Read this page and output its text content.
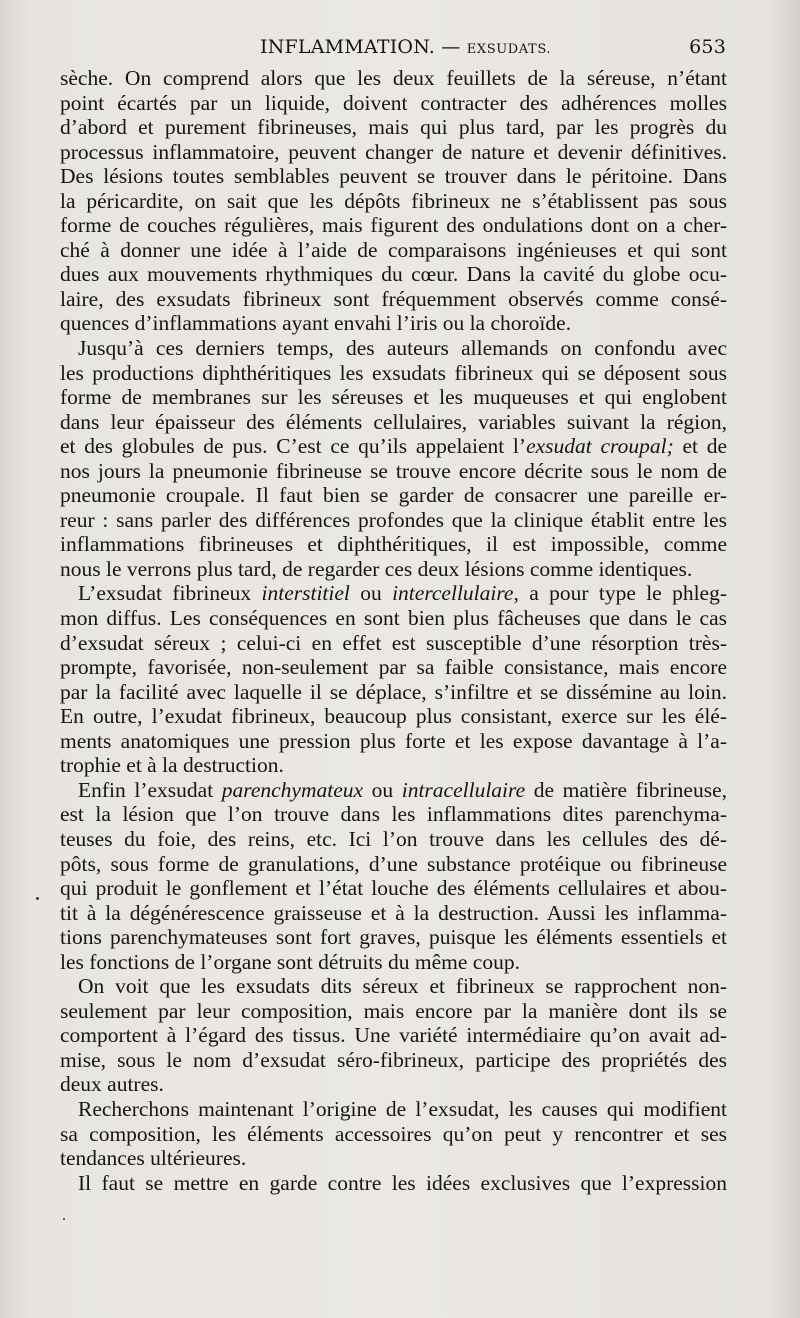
INFLAMMATION. — EXSUDATS.	653
sèche. On comprend alors que les deux feuillets de la séreuse, n’étant
point écartés par un liquide, doivent contracter des adhérences molles
d’abord et purement fibrineuses, mais qui plus tard, par les progrès du
processus inflammatoire, peuvent changer de nature et devenir définitives.
Des lésions toutes semblables peuvent se trouver dans le péritoine. Dans
la péricardite, on sait que les dépôts fibrineux ne s’établissent pas sous
forme de couches régulières, mais figurent des ondulations dont on a cher-
ché à donner une idée à l’aide de comparaisons ingénieuses et qui sont
dues aux mouvements rhythmiques du cœur. Dans la cavité du globe ocu-
laire, des exsudats fibrineux sont fréquemment observés comme consé-
quences d’inflammations ayant envahi l’iris ou la choroïde.
Jusqu’à ces derniers temps, des auteurs allemands on confondu avec
les productions diphthéritiques les exsudats fibrineux qui se déposent sous
forme de membranes sur les séreuses et les muqueuses et qui englobent
dans leur épaisseur des éléments cellulaires, variables suivant la région,
et des globules de pus. C’est ce qu’ils appelaient l’exsudat croupal; et de
nos jours la pneumonie fibrineuse se trouve encore décrite sous le nom de
pneumonie croupale. Il faut bien se garder de consacrer une pareille er-
reur : sans parler des différences profondes que la clinique établit entre les
inflammations fibrineuses et diphthéritiques, il est impossible, comme
nous le verrons plus tard, de regarder ces deux lésions comme identiques.
L’exsudat fibrineux interstitiel ou intercellulaire, a pour type le phleg-
mon diffus. Les conséquences en sont bien plus fâcheuses que dans le cas
d’exsudat séreux ; celui-ci en effet est susceptible d’une résorption très-
prompte, favorisée, non-seulement par sa faible consistance, mais encore
par la facilité avec laquelle il se déplace, s’infiltre et se dissémine au loin.
En outre, l’exudat fibrineux, beaucoup plus consistant, exerce sur les élé-
ments anatomiques une pression plus forte et les expose davantage à l’a-
trophie et à la destruction.
Enfin l’exsudat parenchymateux ou intracellulaire de matière fibrineuse,
est la lésion que l’on trouve dans les inflammations dites parenchyma-
teuses du foie, des reins, etc. Ici l’on trouve dans les cellules des dé-
pôts, sous forme de granulations, d’une substance protéique ou fibrineuse
qui produit le gonflement et l’état louche des éléments cellulaires et abou-
tit à la dégénérescence graisseuse et à la destruction. Aussi les inflamma-
tions parenchymateuses sont fort graves, puisque les éléments essentiels et
les fonctions de l’organe sont détruits du même coup.
On voit que les exsudats dits séreux et fibrineux se rapprochent non-
seulement par leur composition, mais encore par la manière dont ils se
comportent à l’égard des tissus. Une variété intermédiaire qu’on avait ad-
mise, sous le nom d’exsudat séro-fibrineux, participe des propriétés des
deux autres.
Recherchons maintenant l’origine de l’exsudat, les causes qui modifient
sa composition, les éléments accessoires qu’on peut y rencontrer et ses
tendances ultérieures.
Il faut se mettre en garde contre les idées exclusives que l’expression
